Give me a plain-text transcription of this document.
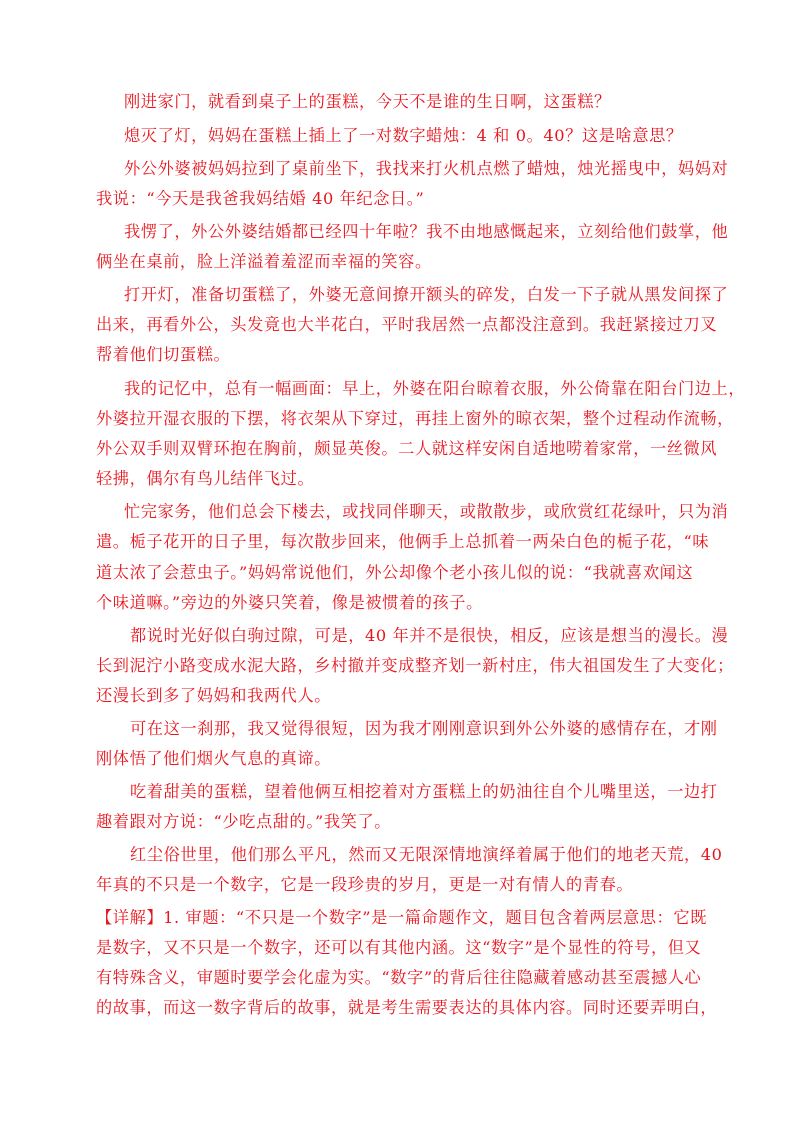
刚进家门，就看到桌子上的蛋糕，今天不是谁的生日啊，这蛋糕？
熄灭了灯，妈妈在蛋糕上插上了一对数字蜡烛：4 和 0。40？这是啥意思？
外公外婆被妈妈拉到了桌前坐下，我找来打火机点燃了蜡烛，烛光摇曳中，妈妈对
我说：“今天是我爸我妈结婚 40 年纪念日。”
我愣了，外公外婆结婚都已经四十年啦？我不由地感慨起来，立刻给他们鼓掌，他
俩坐在桌前，脸上洋溢着羞涩而幸福的笑容。
打开灯，准备切蛋糕了，外婆无意间撩开额头的碎发，白发一下子就从黑发间探了
出来，再看外公，头发竟也大半花白，平时我居然一点都没注意到。我赶紧接过刀叉
帮着他们切蛋糕。
我的记忆中，总有一幅画面：早上，外婆在阳台晾着衣服，外公倚靠在阳台门边上，
外婆拉开湿衣服的下摆，将衣架从下穿过，再挂上窗外的晾衣架，整个过程动作流畅，
外公双手则双臂环抱在胸前，颇显英俊。二人就这样安闲自适地唠着家常，一丝微风
轻拂，偶尔有鸟儿结伴飞过。
忙完家务，他们总会下楼去，或找同伴聊天，或散散步，或欣赏红花绿叶，只为消
遣。栀子花开的日子里，每次散步回来，他俩手上总抓着一两朵白色的栀子花，“味
道太浓了会惹虫子。”妈妈常说他们，外公却像个老小孩儿似的说：“我就喜欢闻这
个味道嘛。”旁边的外婆只笑着，像是被惯着的孩子。
都说时光好似白驹过隙，可是，40 年并不是很快，相反，应该是想当的漫长。漫
长到泥泞小路变成水泥大路，乡村撤并变成整齐划一新村庄，伟大祖国发生了大变化；
还漫长到多了妈妈和我两代人。
可在这一刹那，我又觉得很短，因为我才刚刚意识到外公外婆的感情存在，才刚
刚体悟了他们烟火气息的真谛。
吃着甜美的蛋糕，望着他俩互相挖着对方蛋糕上的奶油往自个儿嘴里送，一边打
趣着跟对方说：“少吃点甜的。”我笑了。
红尘俗世里，他们那么平凡，然而又无限深情地演绎着属于他们的地老天荒，40
年真的不只是一个数字，它是一段珍贵的岁月，更是一对有情人的青春。
【详解】1. 审题：“不只是一个数字”是一篇命题作文，题目包含着两层意思：它既
是数字，又不只是一个数字，还可以有其他内涵。这“数字”是个显性的符号，但又
有特殊含义，审题时要学会化虚为实。“数字”的背后往往隐藏着感动甚至震撼人心
的故事，而这一数字背后的故事，就是考生需要表达的具体内容。同时还要弄明白，
